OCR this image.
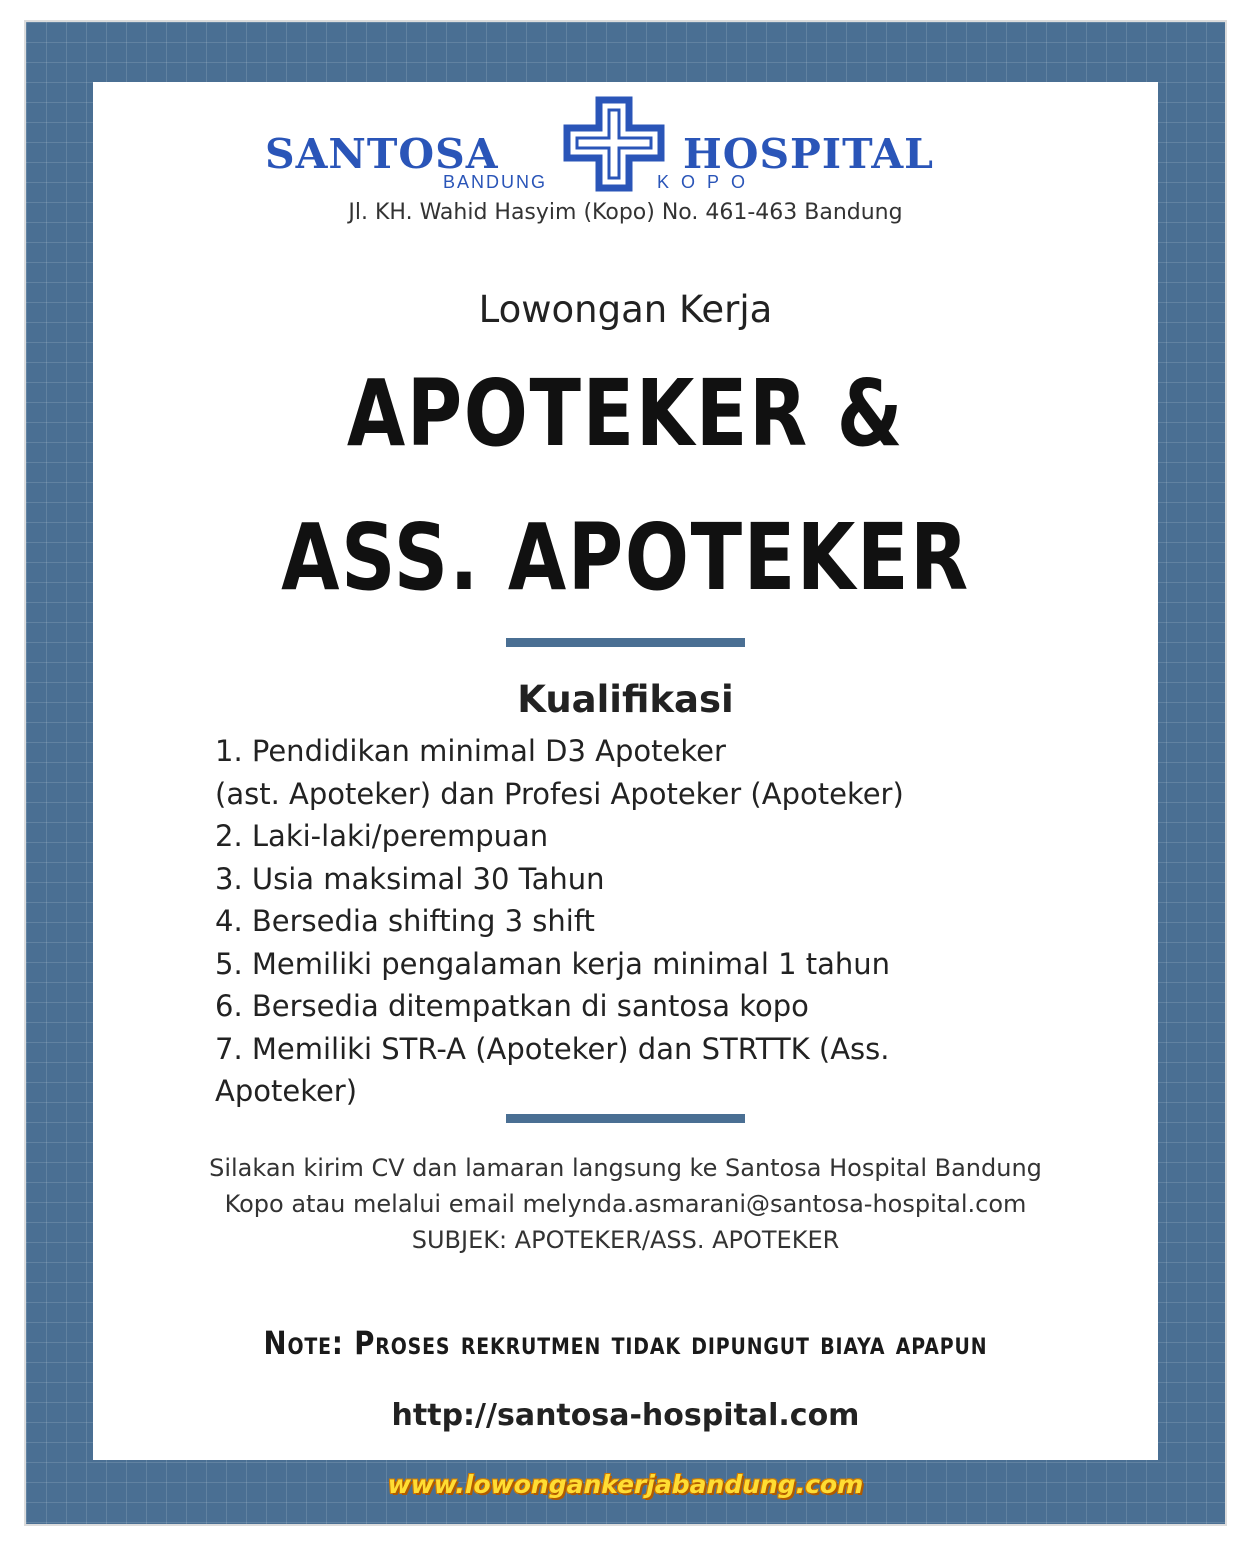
SANTOSA	HOSPITAL
BANDUNG	KOPO
Jl. KH. Wahid Hasyim (Kopo) No. 461-463 Bandung
Lowongan Kerja
APOTEKER &
ASS. APOTEKER
Kualifikasi
1. Pendidikan minimal D3 Apoteker
(ast. Apoteker) dan Profesi Apoteker (Apoteker)
2. Laki-laki/perempuan
3. Usia maksimal 30 Tahun
4. Bersedia shifting 3 shift
5. Memiliki pengalaman kerja minimal 1 tahun
6. Bersedia ditempatkan di santosa kopo
7. Memiliki STR-A (Apoteker) dan STRTTK (Ass.
Apoteker)
Silakan kirim CV dan lamaran langsung ke Santosa Hospital Bandung
Kopo atau melalui email melynda.asmarani@santosa-hospital.com
SUBJEK: APOTEKER/ASS. APOTEKER
Note: Proses rekrutmen tidak dipungut biaya apapun
http://santosa-hospital.com
www.lowongankerjabandung.com
